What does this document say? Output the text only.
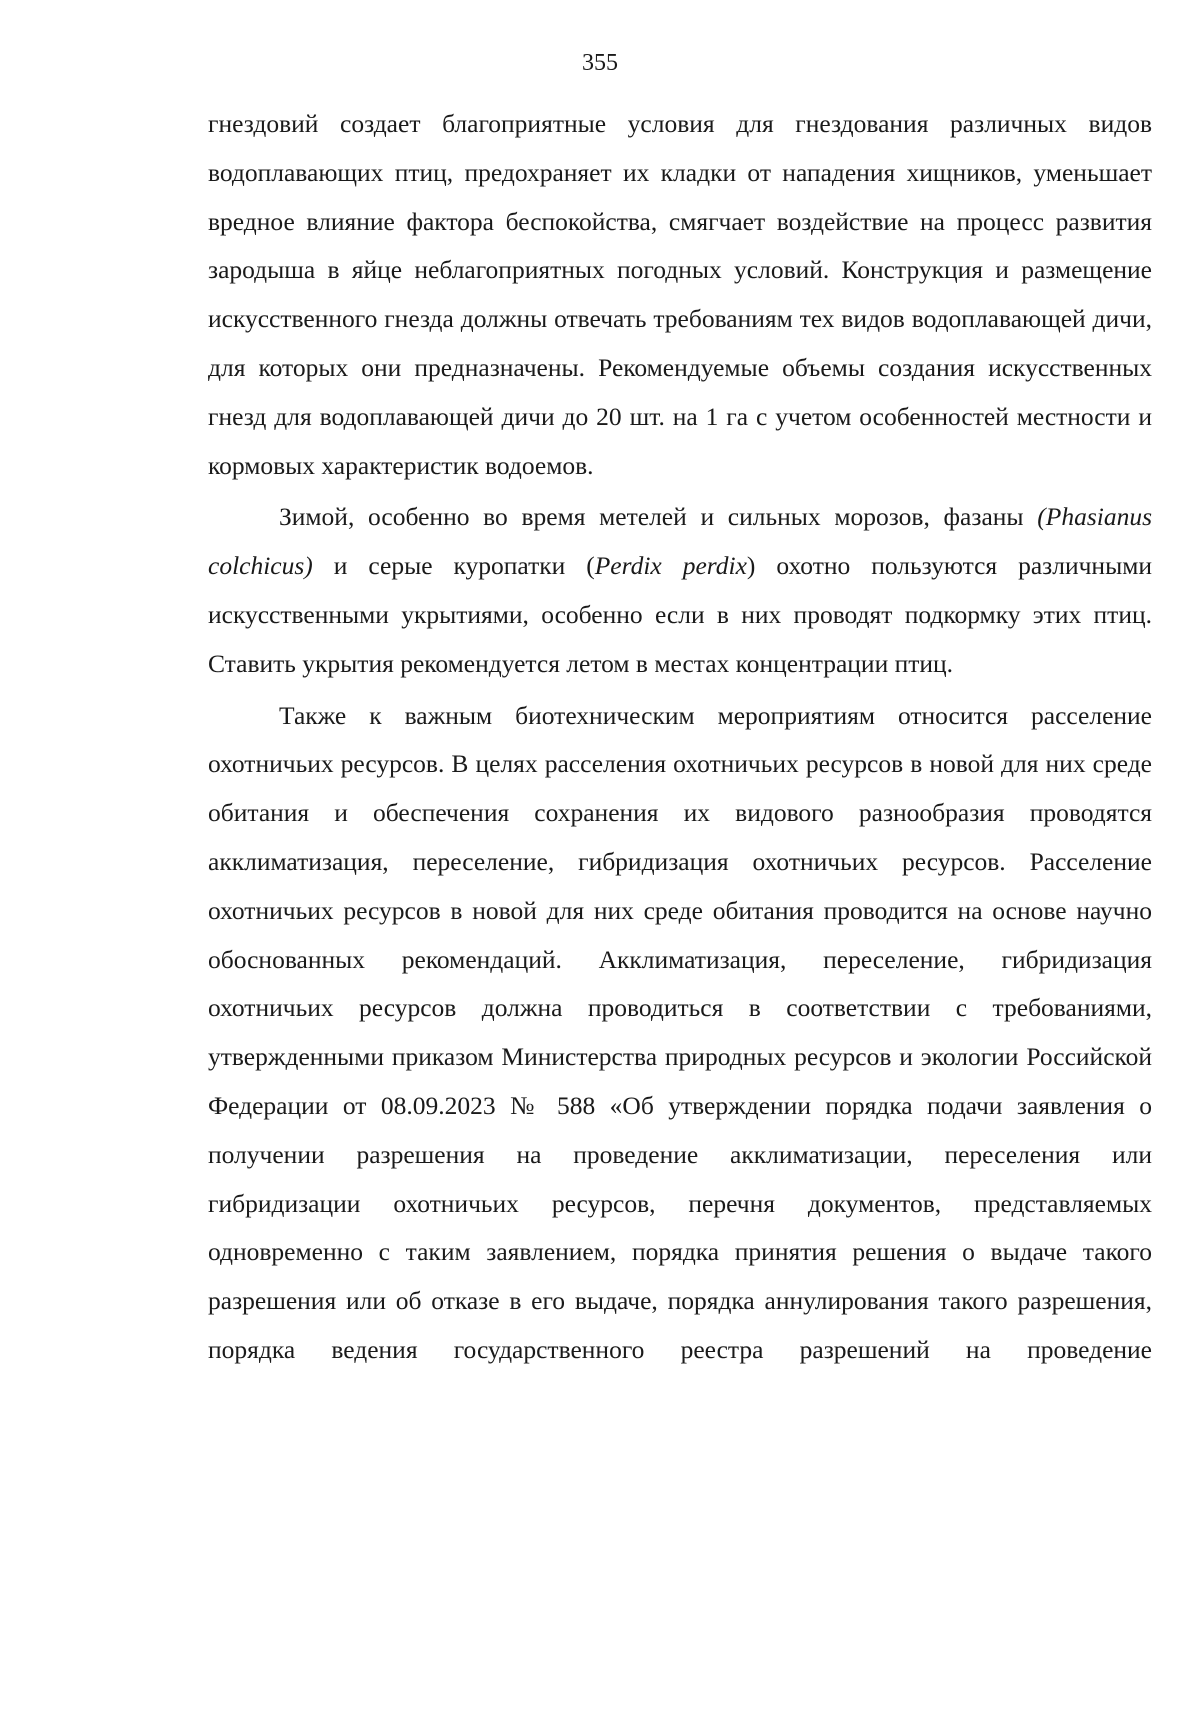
355

гнездовий создает благоприятные условия для гнездования различных видов водоплавающих птиц, предохраняет их кладки от нападения хищников, уменьшает вредное влияние фактора беспокойства, смягчает воздействие на процесс развития зародыша в яйце неблагоприятных погодных условий. Конструкция и размещение искусственного гнезда должны отвечать требованиям тех видов водоплавающей дичи, для которых они предназначены. Рекомендуемые объемы создания искусственных гнезд для водоплавающей дичи до 20 шт. на 1 га с учетом особенностей местности и кормовых характеристик водоемов.

Зимой, особенно во время метелей и сильных морозов, фазаны (Phasianus colchicus) и серые куропатки (Perdix perdix) охотно пользуются различными искусственными укрытиями, особенно если в них проводят подкормку этих птиц. Ставить укрытия рекомендуется летом в местах концентрации птиц.

Также к важным биотехническим мероприятиям относится расселение охотничьих ресурсов. В целях расселения охотничьих ресурсов в новой для них среде обитания и обеспечения сохранения их видового разнообразия проводятся акклиматизация, переселение, гибридизация охотничьих ресурсов. Расселение охотничьих ресурсов в новой для них среде обитания проводится на основе научно обоснованных рекомендаций. Акклиматизация, переселение, гибридизация охотничьих ресурсов должна проводиться в соответствии с требованиями, утвержденными приказом Министерства природных ресурсов и экологии Российской Федерации от 08.09.2023 № 588 «Об утверждении порядка подачи заявления о получении разрешения на проведение акклиматизации, переселения или гибридизации охотничьих ресурсов, перечня документов, представляемых одновременно с таким заявлением, порядка принятия решения о выдаче такого разрешения или об отказе в его выдаче, порядка аннулирования такого разрешения, порядка ведения государственного реестра разрешений на проведение
